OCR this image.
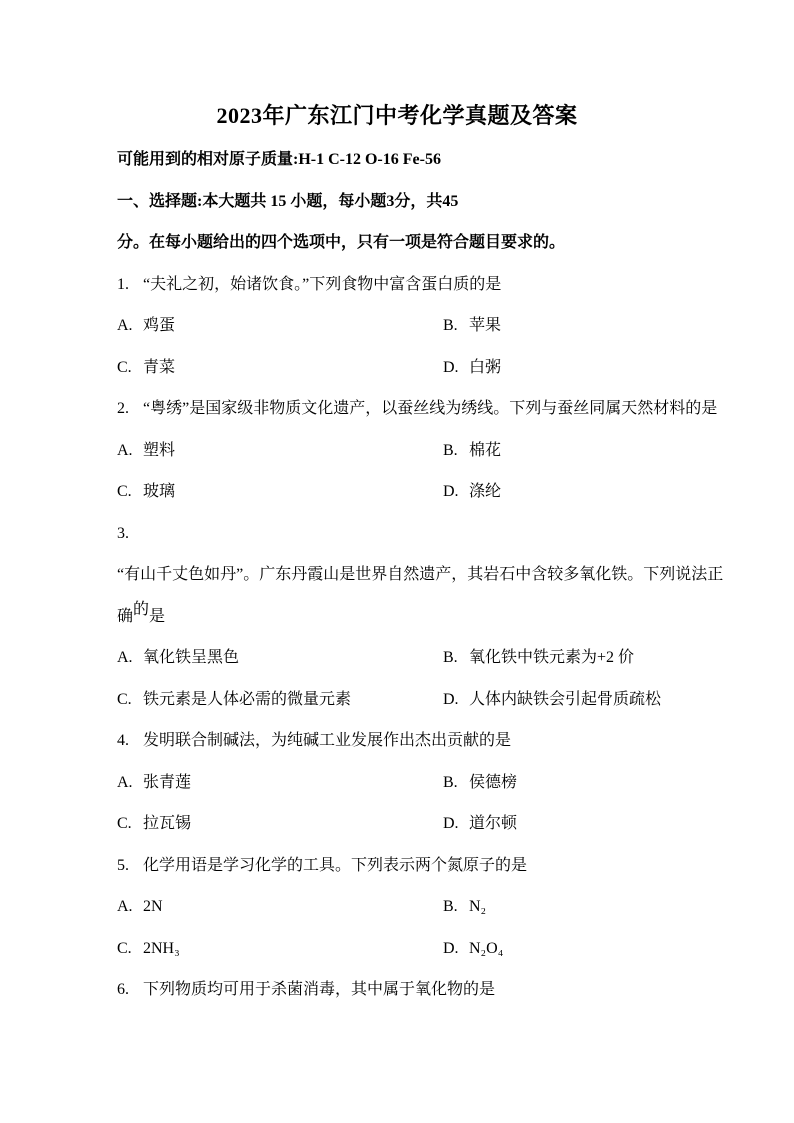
2023年广东江门中考化学真题及答案

可能用到的相对原子质量:H-1 C-12 O-16 Fe-56

一、选择题:本大题共 15 小题，每小题3分，共45

分。在每小题给出的四个选项中，只有一项是符合题目要求的。

1. “夫礼之初，始诸饮食。”下列食物中富含蛋白质的是

A. 鸡蛋	B. 苹果
C. 青菜	D. 白粥

2. “粤绣”是国家级非物质文化遗产，以蚕丝线为绣线。下列与蚕丝同属天然材料的是

A. 塑料	B. 棉花
C. 玻璃	D. 涤纶

3.

“有山千丈色如丹”。广东丹霞山是世界自然遗产，其岩石中含较多氧化铁。下列说法正

确的是

A. 氧化铁呈黑色	B. 氧化铁中铁元素为+2 价
C. 铁元素是人体必需的微量元素	D. 人体内缺铁会引起骨质疏松

4. 发明联合制碱法，为纯碱工业发展作出杰出贡献的是

A. 张青莲	B. 侯德榜
C. 拉瓦锡	D. 道尔顿

5. 化学用语是学习化学的工具。下列表示两个氮原子的是

A. 2N	B. N₂
C. 2NH₃	D. N₂O₄

6. 下列物质均可用于杀菌消毒，其中属于氧化物的是
